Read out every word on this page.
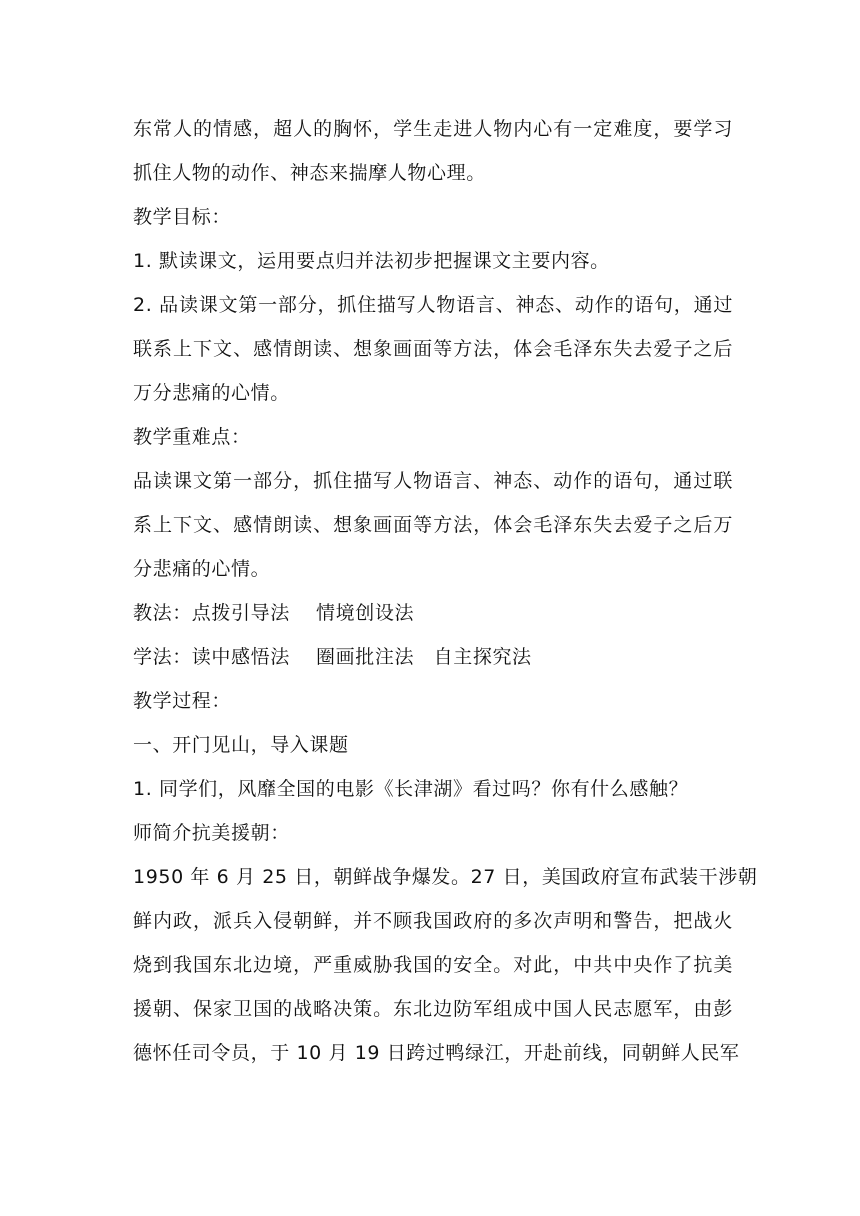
东常人的情感，超人的胸怀，学生走进人物内心有一定难度，要学习
抓住人物的动作、神态来揣摩人物心理。
教学目标：
1. 默读课文，运用要点归并法初步把握课文主要内容。
2. 品读课文第一部分，抓住描写人物语言、神态、动作的语句，通过
联系上下文、感情朗读、想象画面等方法，体会毛泽东失去爱子之后
万分悲痛的心情。
教学重难点：
品读课文第一部分，抓住描写人物语言、神态、动作的语句，通过联
系上下文、感情朗读、想象画面等方法，体会毛泽东失去爱子之后万
分悲痛的心情。
教法：点拨引导法　 情境创设法
学法：读中感悟法　 圈画批注法　自主探究法
教学过程：
一、开门见山，导入课题
1. 同学们，风靡全国的电影《长津湖》看过吗？你有什么感触？
师简介抗美援朝：
1950 年 6 月 25 日，朝鲜战争爆发。27 日，美国政府宣布武装干涉朝
鲜内政，派兵入侵朝鲜，并不顾我国政府的多次声明和警告，把战火
烧到我国东北边境，严重威胁我国的安全。对此，中共中央作了抗美
援朝、保家卫国的战略决策。东北边防军组成中国人民志愿军，由彭
德怀任司令员，于 10 月 19 日跨过鸭绿江，开赴前线，同朝鲜人民军
